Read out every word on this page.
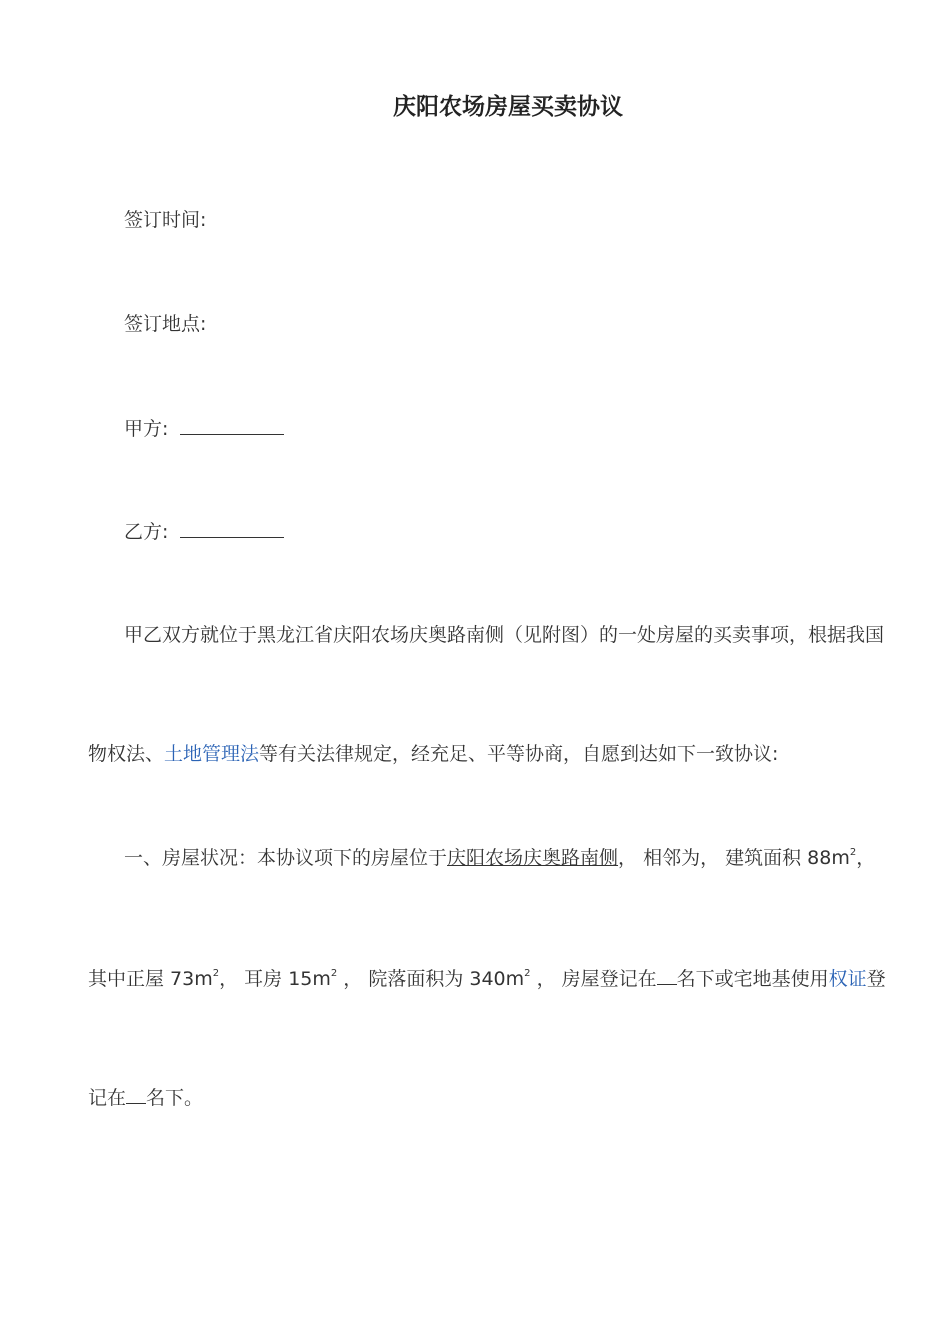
庆阳农场房屋买卖协议
签订时间:
签订地点:
甲方:
乙方:
甲乙双方就位于黑龙江省庆阳农场庆奥路南侧（见附图）的一处房屋的买卖事项，根据我国
物权法、土地管理法等有关法律规定，经充足、平等协商，自愿到达如下一致协议:
一、房屋状况：本协议项下的房屋位于庆阳农场庆奥路南侧， 相邻为， 建筑面积 $88m^2$，
其中正屋 $73m^2$， 耳房 $15m^2$ ， 院落面积为 $340m^2$ ， 房屋登记在 名下或宅地基使用权证登
记在 名下。
